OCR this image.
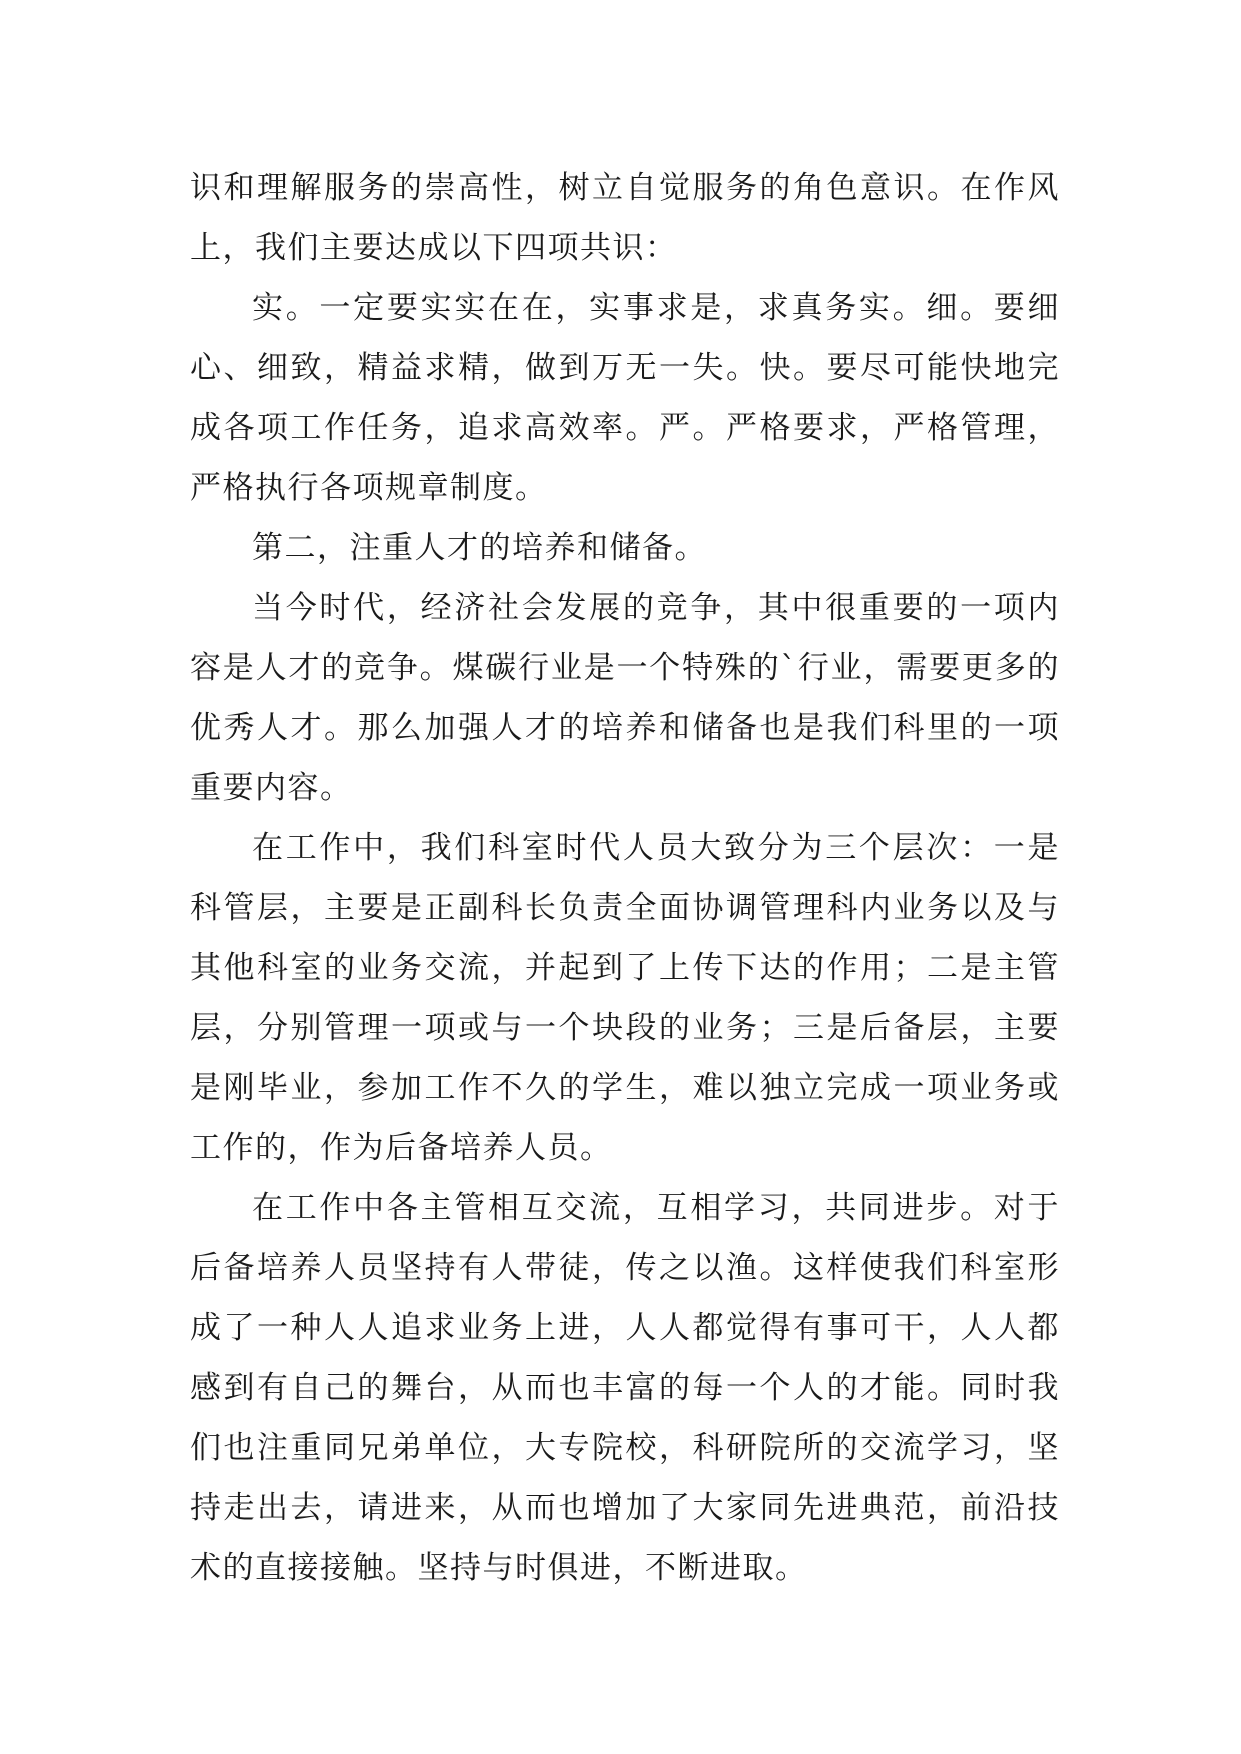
识和理解服务的崇高性，树立自觉服务的角色意识。在作风上，我们主要达成以下四项共识：

实。一定要实实在在，实事求是，求真务实。细。要细心、细致，精益求精，做到万无一失。快。要尽可能快地完成各项工作任务，追求高效率。严。严格要求，严格管理，严格执行各项规章制度。

第二，注重人才的培养和储备。

当今时代，经济社会发展的竞争，其中很重要的一项内容是人才的竞争。煤碳行业是一个特殊的`行业，需要更多的优秀人才。那么加强人才的培养和储备也是我们科里的一项重要内容。

在工作中，我们科室时代人员大致分为三个层次：一是科管层，主要是正副科长负责全面协调管理科内业务以及与其他科室的业务交流，并起到了上传下达的作用；二是主管层，分别管理一项或与一个块段的业务；三是后备层，主要是刚毕业，参加工作不久的学生，难以独立完成一项业务或工作的，作为后备培养人员。

在工作中各主管相互交流，互相学习，共同进步。对于后备培养人员坚持有人带徒，传之以渔。这样使我们科室形成了一种人人追求业务上进，人人都觉得有事可干，人人都感到有自己的舞台，从而也丰富的每一个人的才能。同时我们也注重同兄弟单位，大专院校，科研院所的交流学习，坚持走出去，请进来，从而也增加了大家同先进典范，前沿技术的直接接触。坚持与时俱进，不断进取。
